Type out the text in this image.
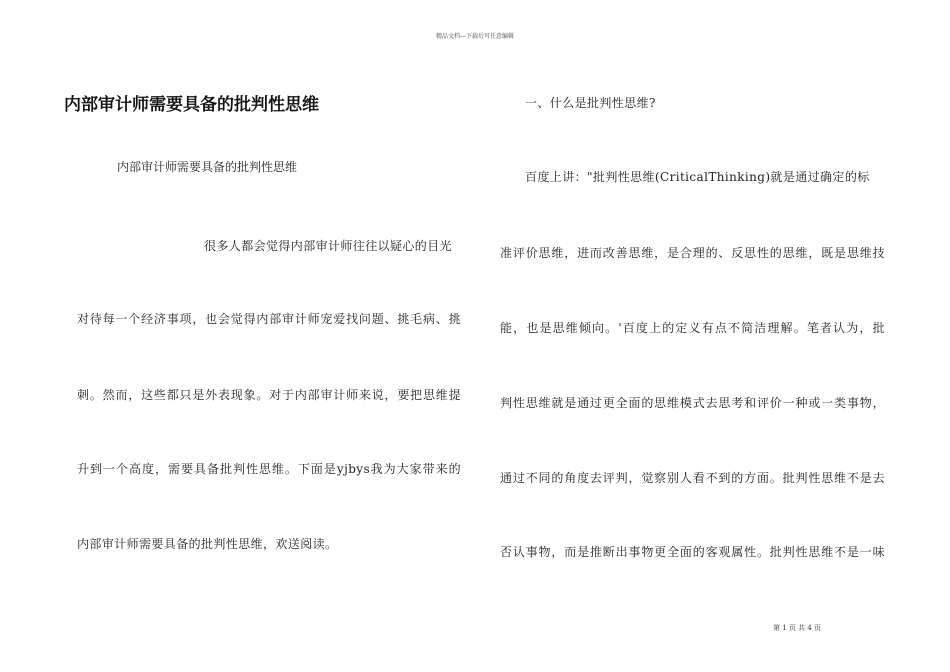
精品文档---下载后可任意编辑
内部审计师需要具备的批判性思维
内部审计师需要具备的批判性思维
很多人都会觉得内部审计师往往以疑心的目光
对待每一个经济事项，也会觉得内部审计师宠爱找问题、挑毛病、挑
刺。然而，这些都只是外表现象。对于内部审计师来说，要把思维提
升到一个高度，需要具备批判性思维。下面是yjbys我为大家带来的
内部审计师需要具备的批判性思维，欢送阅读。
一、什么是批判性思维?
百度上讲："批判性思维(CriticalThinking)就是通过确定的标
准评价思维，进而改善思维，是合理的、反思性的思维，既是思维技
能，也是思维倾向。'百度上的定义有点不简洁理解。笔者认为，批
判性思维就是通过更全面的思维模式去思考和评价一种或一类事物，
通过不同的角度去评判，觉察别人看不到的方面。批判性思维不是去
否认事物，而是推断出事物更全面的客观属性。批判性思维不是一味
第 1 页 共 4 页
